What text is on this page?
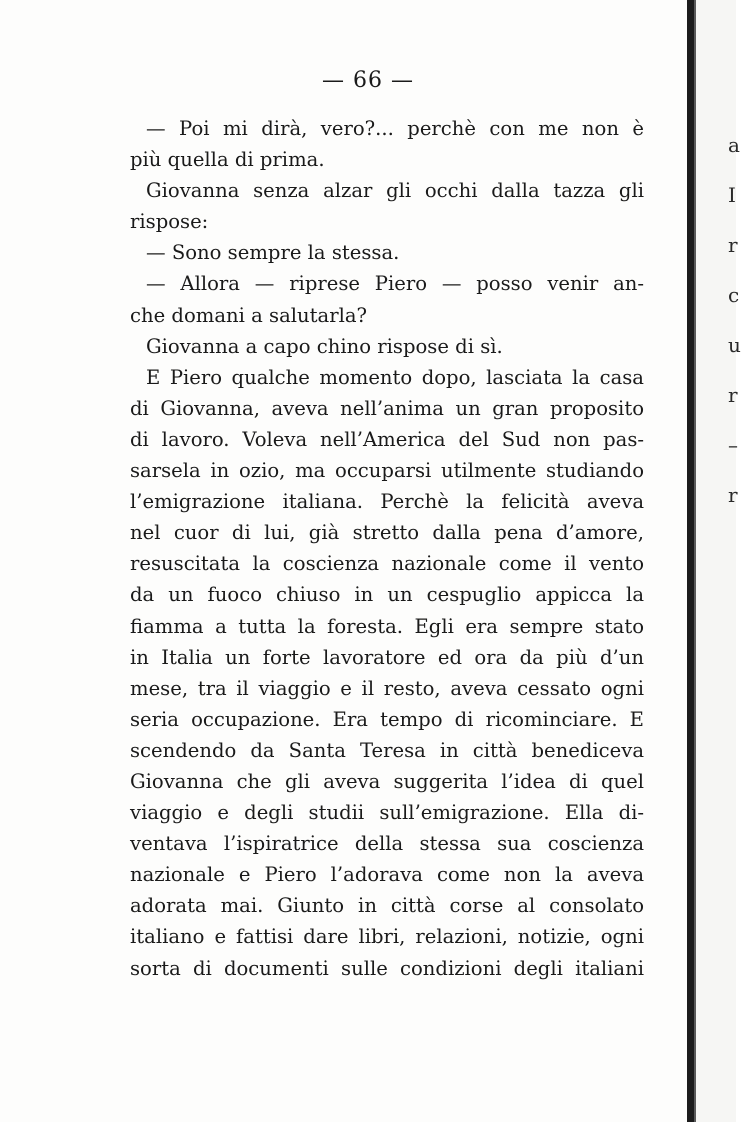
a
I
r
c
u
r
–
r
— 66 —
— Poi mi dirà, vero?... perchè con me non è
più quella di prima.
Giovanna senza alzar gli occhi dalla tazza gli
rispose:
— Sono sempre la stessa.
— Allora — riprese Piero — posso venir an-
che domani a salutarla?
Giovanna a capo chino rispose di sì.
E Piero qualche momento dopo, lasciata la casa
di Giovanna, aveva nell’anima un gran proposito
di lavoro. Voleva nell’America del Sud non pas-
sarsela in ozio, ma occuparsi utilmente studiando
l’emigrazione italiana. Perchè la felicità aveva
nel cuor di lui, già stretto dalla pena d’amore,
resuscitata la coscienza nazionale come il vento
da un fuoco chiuso in un cespuglio appicca la
fiamma a tutta la foresta. Egli era sempre stato
in Italia un forte lavoratore ed ora da più d’un
mese, tra il viaggio e il resto, aveva cessato ogni
seria occupazione. Era tempo di ricominciare. E
scendendo da Santa Teresa in città benediceva
Giovanna che gli aveva suggerita l’idea di quel
viaggio e degli studii sull’emigrazione. Ella di-
ventava l’ispiratrice della stessa sua coscienza
nazionale e Piero l’adorava come non la aveva
adorata mai. Giunto in città corse al consolato
italiano e fattisi dare libri, relazioni, notizie, ogni
sorta di documenti sulle condizioni degli italiani
